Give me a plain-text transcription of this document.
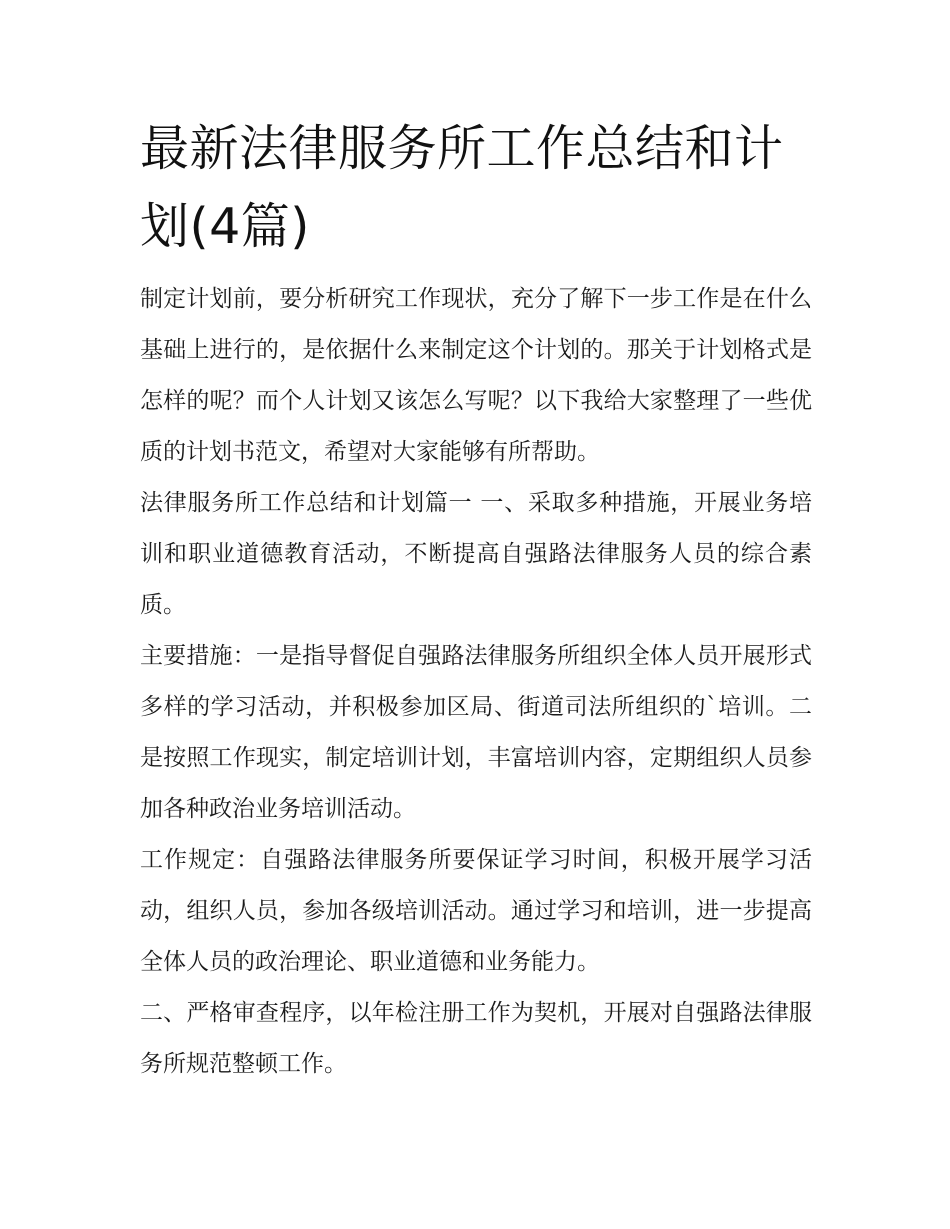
最新法律服务所工作总结和计划(4篇)

制定计划前，要分析研究工作现状，充分了解下一步工作是在什么基础上进行的，是依据什么来制定这个计划的。那关于计划格式是怎样的呢？而个人计划又该怎么写呢？以下我给大家整理了一些优质的计划书范文，希望对大家能够有所帮助。

法律服务所工作总结和计划篇一 一、采取多种措施，开展业务培训和职业道德教育活动，不断提高自强路法律服务人员的综合素质。

主要措施：一是指导督促自强路法律服务所组织全体人员开展形式多样的学习活动，并积极参加区局、街道司法所组织的`培训。二是按照工作现实，制定培训计划，丰富培训内容，定期组织人员参加各种政治业务培训活动。

工作规定：自强路法律服务所要保证学习时间，积极开展学习活动，组织人员，参加各级培训活动。通过学习和培训，进一步提高全体人员的政治理论、职业道德和业务能力。

二、严格审查程序，以年检注册工作为契机，开展对自强路法律服务所规范整顿工作。
